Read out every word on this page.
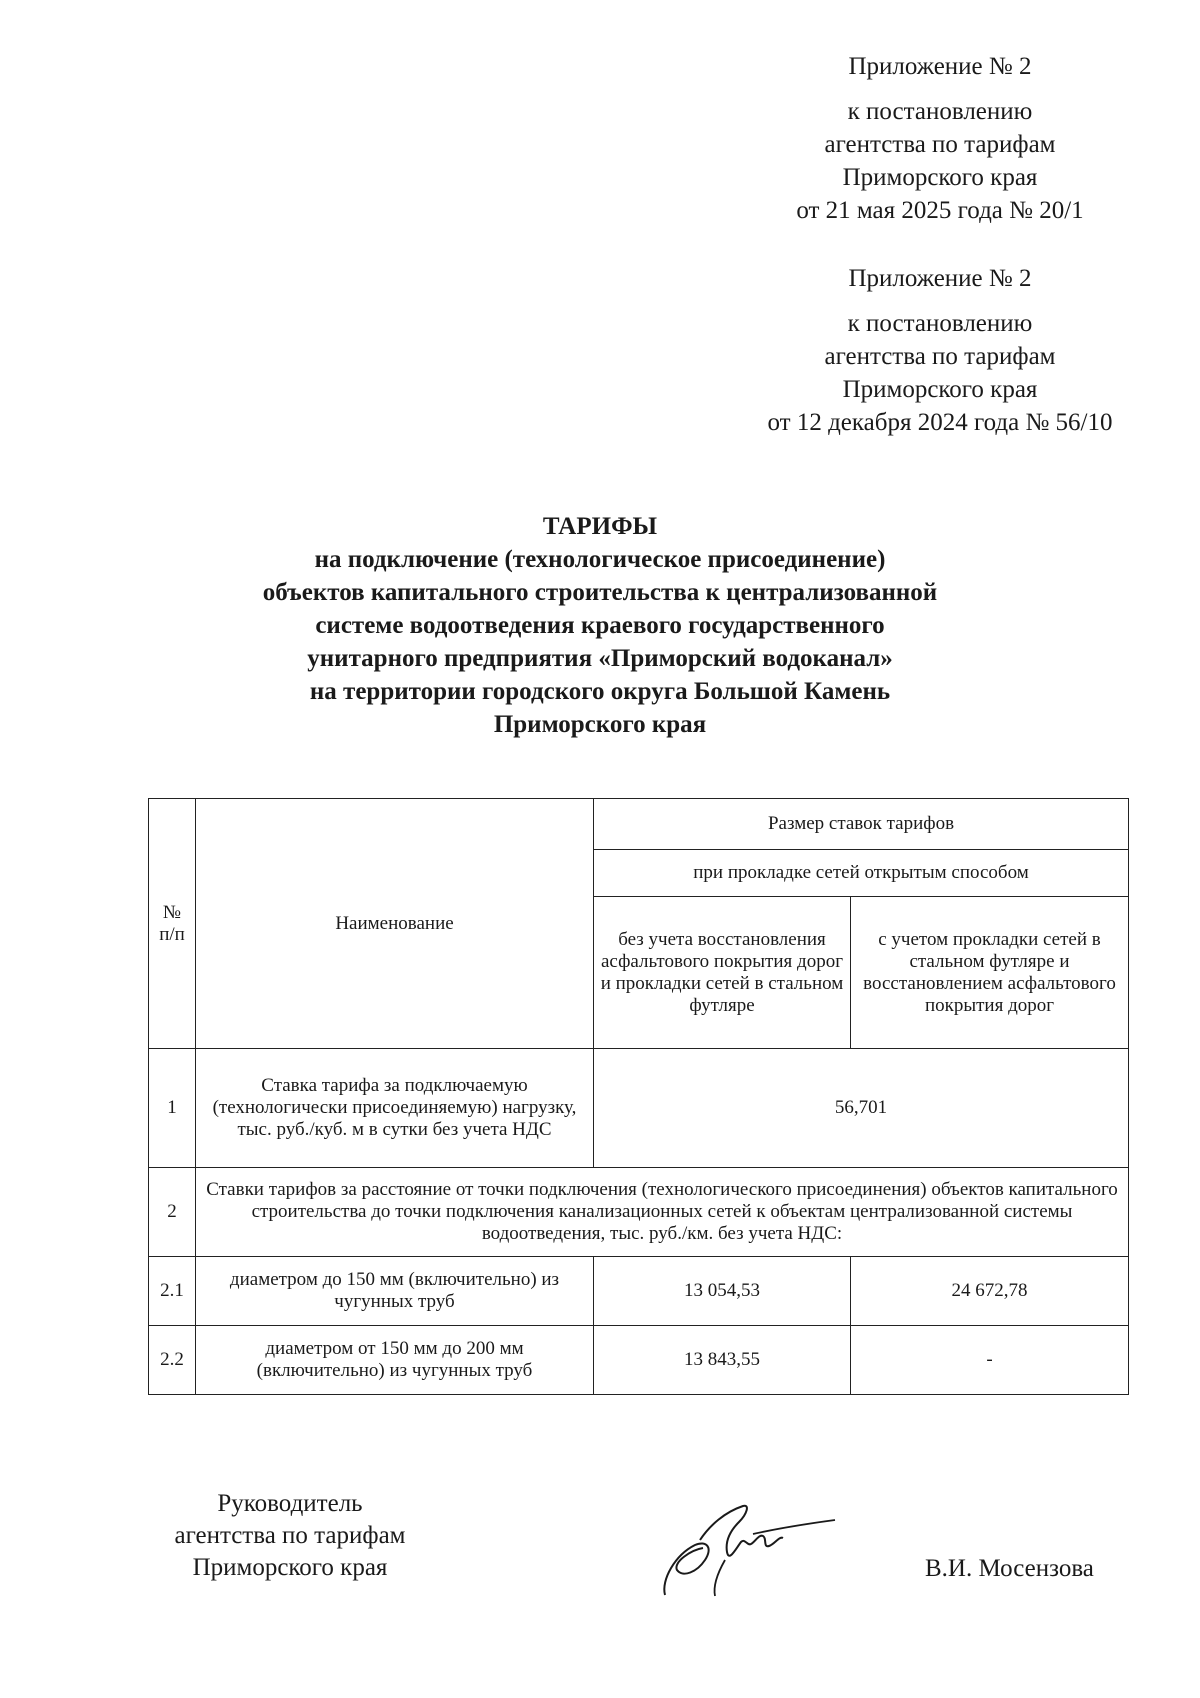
Приложение № 2
к постановлению
агентства по тарифам
Приморского края
от 21 мая 2025 года № 20/1
Приложение № 2
к постановлению
агентства по тарифам
Приморского края
от 12 декабря 2024 года № 56/10
ТАРИФЫ
на подключение (технологическое присоединение)
объектов капитального строительства к централизованной
системе водоотведения краевого государственного
унитарного предприятия «Приморский водоканал»
на территории городского округа Большой Камень
Приморского края
№ п/п	Наименование	Размер ставок тарифов	
		при прокладке сетей открытым способом	
		без учета восстановления асфальтового покрытия дорог и прокладки сетей в стальном футляре	с учетом прокладки сетей в стальном футляре и восстановлением асфальтового покрытия дорог
1	Ставка тарифа за подключаемую (технологически присоединяемую) нагрузку, тыс. руб./куб. м в сутки без учета НДС	56,701	
2	Ставки тарифов за расстояние от точки подключения (технологического присоединения) объектов капитального строительства до точки подключения канализационных сетей к объектам централизованной системы водоотведения, тыс. руб./км. без учета НДС:		
2.1	диаметром до 150 мм (включительно) из чугунных труб	13 054,53	24 672,78
2.2	диаметром от 150 мм до 200 мм (включительно) из чугунных труб	13 843,55	-
Руководитель
агентства по тарифам
Приморского края	В.И. Мосензова
